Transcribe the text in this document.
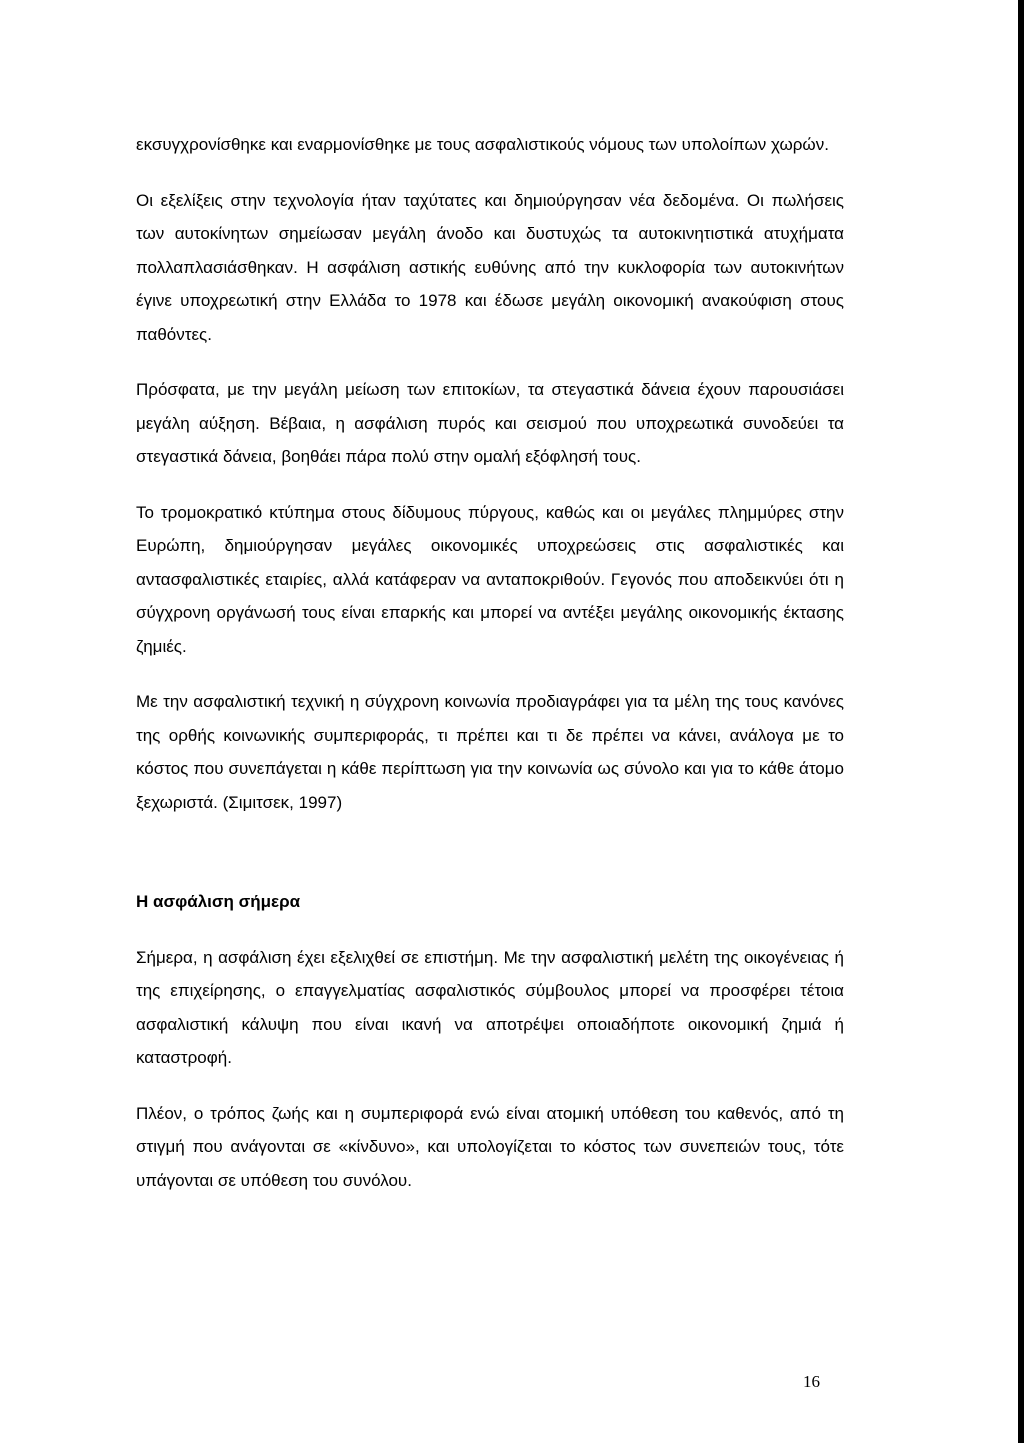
εκσυγχρονίσθηκε και εναρμονίσθηκε με τους ασφαλιστικούς νόμους των υπολοίπων χωρών.

Οι εξελίξεις στην τεχνολογία ήταν ταχύτατες και δημιούργησαν νέα δεδομένα. Οι πωλήσεις των αυτοκίνητων σημείωσαν μεγάλη άνοδο και δυστυχώς τα αυτοκινητιστικά ατυχήματα πολλαπλασιάσθηκαν. Η ασφάλιση αστικής ευθύνης από την κυκλοφορία των αυτοκινήτων έγινε υποχρεωτική στην Ελλάδα το 1978 και έδωσε μεγάλη οικονομική ανακούφιση στους παθόντες.

Πρόσφατα, με την μεγάλη μείωση των επιτοκίων, τα στεγαστικά δάνεια έχουν παρουσιάσει μεγάλη αύξηση. Βέβαια, η ασφάλιση πυρός και σεισμού που υποχρεωτικά συνοδεύει τα στεγαστικά δάνεια, βοηθάει πάρα πολύ στην ομαλή εξόφλησή τους.

Το τρομοκρατικό κτύπημα στους δίδυμους πύργους, καθώς και οι μεγάλες πλημμύρες στην Ευρώπη, δημιούργησαν μεγάλες οικονομικές υποχρεώσεις στις ασφαλιστικές και αντασφαλιστικές εταιρίες, αλλά κατάφεραν να ανταποκριθούν. Γεγονός που αποδεικνύει ότι η σύγχρονη οργάνωσή τους είναι επαρκής και μπορεί να αντέξει μεγάλης οικονομικής έκτασης ζημιές.

Με την ασφαλιστική τεχνική η σύγχρονη κοινωνία προδιαγράφει για τα μέλη της τους κανόνες της ορθής κοινωνικής συμπεριφοράς, τι πρέπει και τι δε πρέπει να κάνει, ανάλογα με το κόστος που συνεπάγεται η κάθε περίπτωση για την κοινωνία ως σύνολο και για το κάθε άτομο ξεχωριστά. (Σιμιτσεκ, 1997)

Η ασφάλιση σήμερα

Σήμερα, η ασφάλιση έχει εξελιχθεί σε επιστήμη. Με την ασφαλιστική μελέτη της οικογένειας ή της επιχείρησης, ο επαγγελματίας ασφαλιστικός σύμβουλος μπορεί να προσφέρει τέτοια ασφαλιστική κάλυψη που είναι ικανή να αποτρέψει οποιαδήποτε οικονομική ζημιά ή καταστροφή.

Πλέον, ο τρόπος ζωής και η συμπεριφορά ενώ είναι ατομική υπόθεση του καθενός, από τη στιγμή που ανάγονται σε «κίνδυνο», και υπολογίζεται το κόστος των συνεπειών τους, τότε υπάγονται σε υπόθεση του συνόλου.

16
